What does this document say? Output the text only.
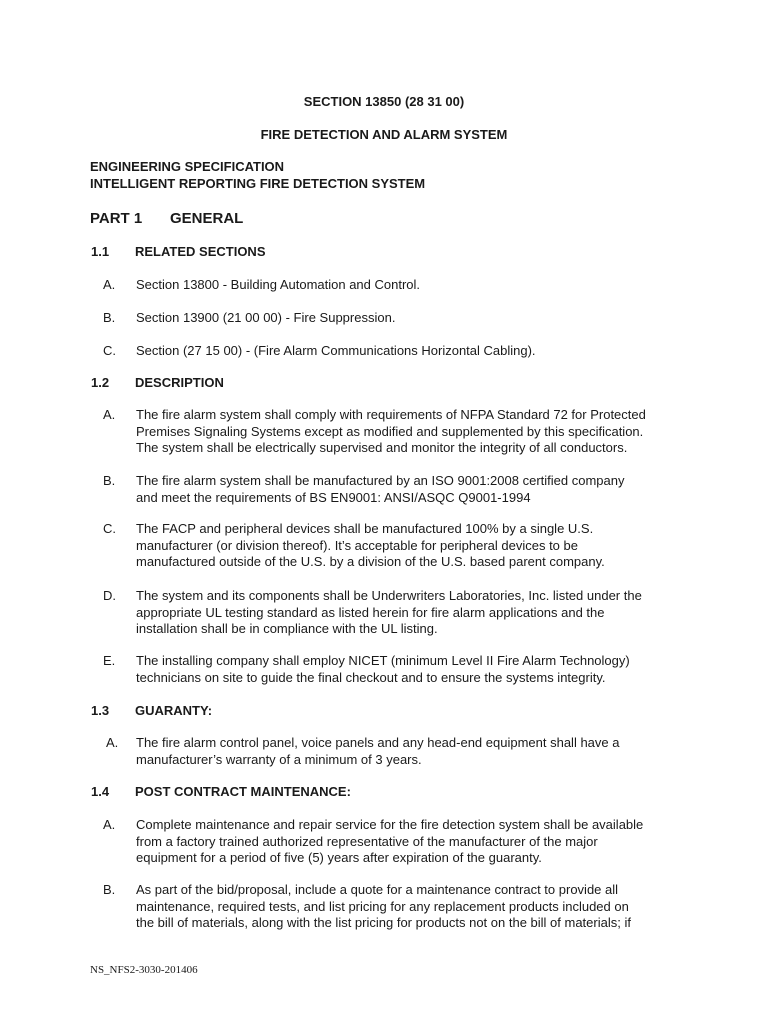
SECTION 13850 (28 31 00)
FIRE DETECTION AND ALARM SYSTEM
ENGINEERING SPECIFICATION
INTELLIGENT REPORTING FIRE DETECTION SYSTEM
PART 1 GENERAL
1.1 RELATED SECTIONS
A. Section 13800 - Building Automation and Control.
B. Section 13900 (21 00 00) - Fire Suppression.
C. Section (27 15 00) - (Fire Alarm Communications Horizontal Cabling).
1.2 DESCRIPTION
A. The fire alarm system shall comply with requirements of NFPA Standard 72 for Protected
Premises Signaling Systems except as modified and supplemented by this specification.
The system shall be electrically supervised and monitor the integrity of all conductors.
B. The fire alarm system shall be manufactured by an ISO 9001:2008 certified company
and meet the requirements of BS EN9001: ANSI/ASQC Q9001-1994
C. The FACP and peripheral devices shall be manufactured 100% by a single U.S.
manufacturer (or division thereof). It’s acceptable for peripheral devices to be
manufactured outside of the U.S. by a division of the U.S. based parent company.
D. The system and its components shall be Underwriters Laboratories, Inc. listed under the
appropriate UL testing standard as listed herein for fire alarm applications and the
installation shall be in compliance with the UL listing.
E. The installing company shall employ NICET (minimum Level II Fire Alarm Technology)
technicians on site to guide the final checkout and to ensure the systems integrity.
1.3 GUARANTY:
A. The fire alarm control panel, voice panels and any head-end equipment shall have a
manufacturer’s warranty of a minimum of 3 years.
1.4 POST CONTRACT MAINTENANCE:
A. Complete maintenance and repair service for the fire detection system shall be available
from a factory trained authorized representative of the manufacturer of the major
equipment for a period of five (5) years after expiration of the guaranty.
B. As part of the bid/proposal, include a quote for a maintenance contract to provide all
maintenance, required tests, and list pricing for any replacement products included on
the bill of materials, along with the list pricing for products not on the bill of materials; if
NS_NFS2-3030-201406
